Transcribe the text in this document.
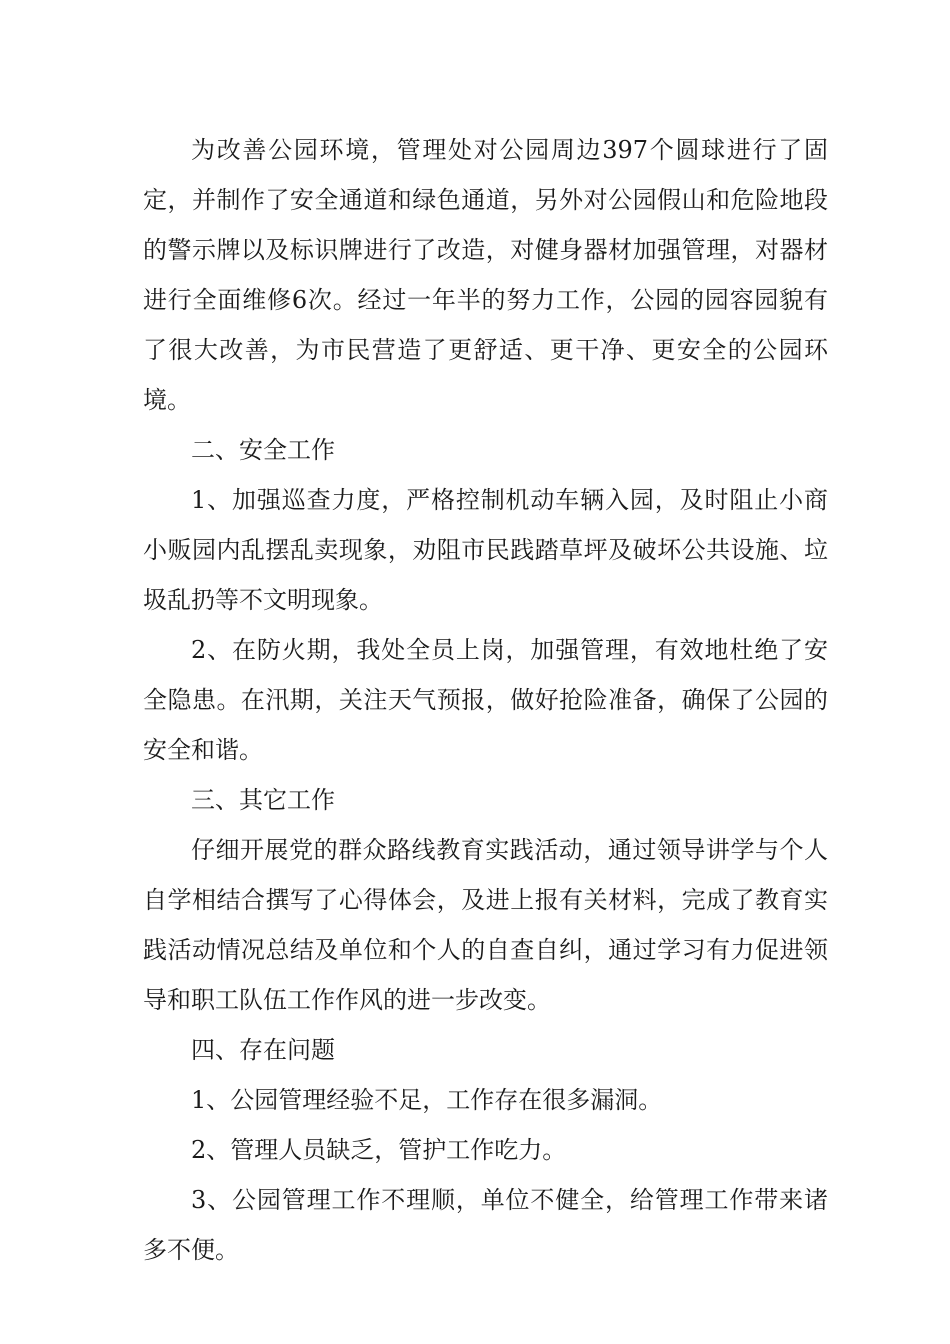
为改善公园环境，管理处对公园周边397个圆球进行了固定，并制作了安全通道和绿色通道，另外对公园假山和危险地段的警示牌以及标识牌进行了改造，对健身器材加强管理，对器材进行全面维修6次。经过一年半的努力工作，公园的园容园貌有了很大改善，为市民营造了更舒适、更干净、更安全的公园环境。

二、安全工作

1、加强巡查力度，严格控制机动车辆入园，及时阻止小商小贩园内乱摆乱卖现象，劝阻市民践踏草坪及破坏公共设施、垃圾乱扔等不文明现象。

2、在防火期，我处全员上岗，加强管理，有效地杜绝了安全隐患。在汛期，关注天气预报，做好抢险准备，确保了公园的安全和谐。

三、其它工作

仔细开展党的群众路线教育实践活动，通过领导讲学与个人自学相结合撰写了心得体会，及进上报有关材料，完成了教育实践活动情况总结及单位和个人的自查自纠，通过学习有力促进领导和职工队伍工作作风的进一步改变。

四、存在问题

1、公园管理经验不足，工作存在很多漏洞。

2、管理人员缺乏，管护工作吃力。

3、公园管理工作不理顺，单位不健全，给管理工作带来诸多不便。
